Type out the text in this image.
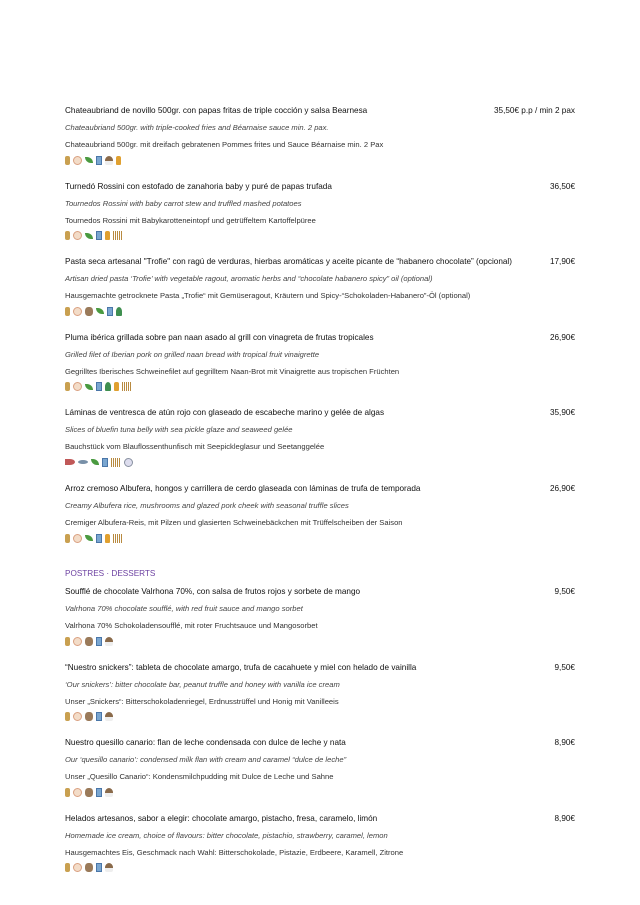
Chateaubriand de novillo 500gr. con papas fritas de triple cocción y salsa Bearnesa	35,50€ p.p / min 2 pax
Chateaubriand 500gr. with triple-cooked fries and Béarnaise sauce min. 2 pax.
Chateaubriand 500gr. mit dreifach gebratenen Pommes frites und Sauce Béarnaise min. 2 Pax
Turnedó Rossini con estofado de zanahoria baby y puré de papas trufada	36,50€
Tournedos Rossini with baby carrot stew and truffled mashed potatoes
Tournedos Rossini mit Babykarotteneintopf und getrüffeltem Kartoffelpüree
Pasta seca artesanal "Trofie" con ragú de verduras, hierbas aromáticas y aceite picante de “habanero chocolate” (opcional)	17,90€
Artisan dried pasta ‘Trofie’ with vegetable ragout, aromatic herbs and “chocolate habanero spicy” oil (optional)
Hausgemachte getrocknete Pasta „Trofie“ mit Gemüseragout, Kräutern und Spicy-“Schokoladen-Habanero”-Öl (optional)
Pluma ibérica grillada sobre pan naan asado al grill con vinagreta de frutas tropicales	26,90€
Grilled filet of Iberian pork on grilled naan bread with tropical fruit vinaigrette
Gegrilltes Iberisches Schweinefilet auf gegrilltem Naan-Brot mit Vinaigrette aus tropischen Früchten
Láminas de ventresca de atún rojo con glaseado de escabeche marino y gelée de algas	35,90€
Slices of bluefin tuna belly with sea pickle glaze and seaweed gelée
Bauchstück vom Blauflossenthunfisch mit Seepickleglasur und Seetanggelée
Arroz cremoso Albufera, hongos y carrillera de cerdo glaseada con láminas de trufa de temporada	26,90€
Creamy Albufera rice, mushrooms and glazed pork cheek with seasonal truffle slices
Cremiger Albufera-Reis, mit Pilzen und glasierten Schweinebäckchen mit Trüffelscheiben der Saison
POSTRES · DESSERTS
Soufflé de chocolate Valrhona 70%, con salsa de frutos rojos y sorbete de mango	9,50€
Valrhona 70% chocolate soufflé, with red fruit sauce and mango sorbet
Valrhona 70% Schokoladensoufflé, mit roter Fruchtsauce und Mangosorbet
“Nuestro snickers”: tableta de chocolate amargo, trufa de cacahuete y miel con helado de vainilla	9,50€
‘Our snickers’: bitter chocolate bar, peanut truffle and honey with vanilla ice cream
Unser „Snickers“: Bitterschokoladenriegel, Erdnusstrüffel und Honig mit Vanilleeis
Nuestro quesillo canario: flan de leche condensada con dulce de leche y nata	8,90€
Our ‘quesillo canario’: condensed milk flan with cream and caramel “dulce de leche”
Unser „Quesillo Canario“: Kondensmilchpudding mit Dulce de Leche und Sahne
Helados artesanos, sabor a elegir: chocolate amargo, pistacho, fresa, caramelo, limón	8,90€
Homemade ice cream, choice of flavours: bitter chocolate, pistachio, strawberry, caramel, lemon
Hausgemachtes Eis, Geschmack nach Wahl: Bitterschokolade, Pistazie, Erdbeere, Karamell, Zitrone
